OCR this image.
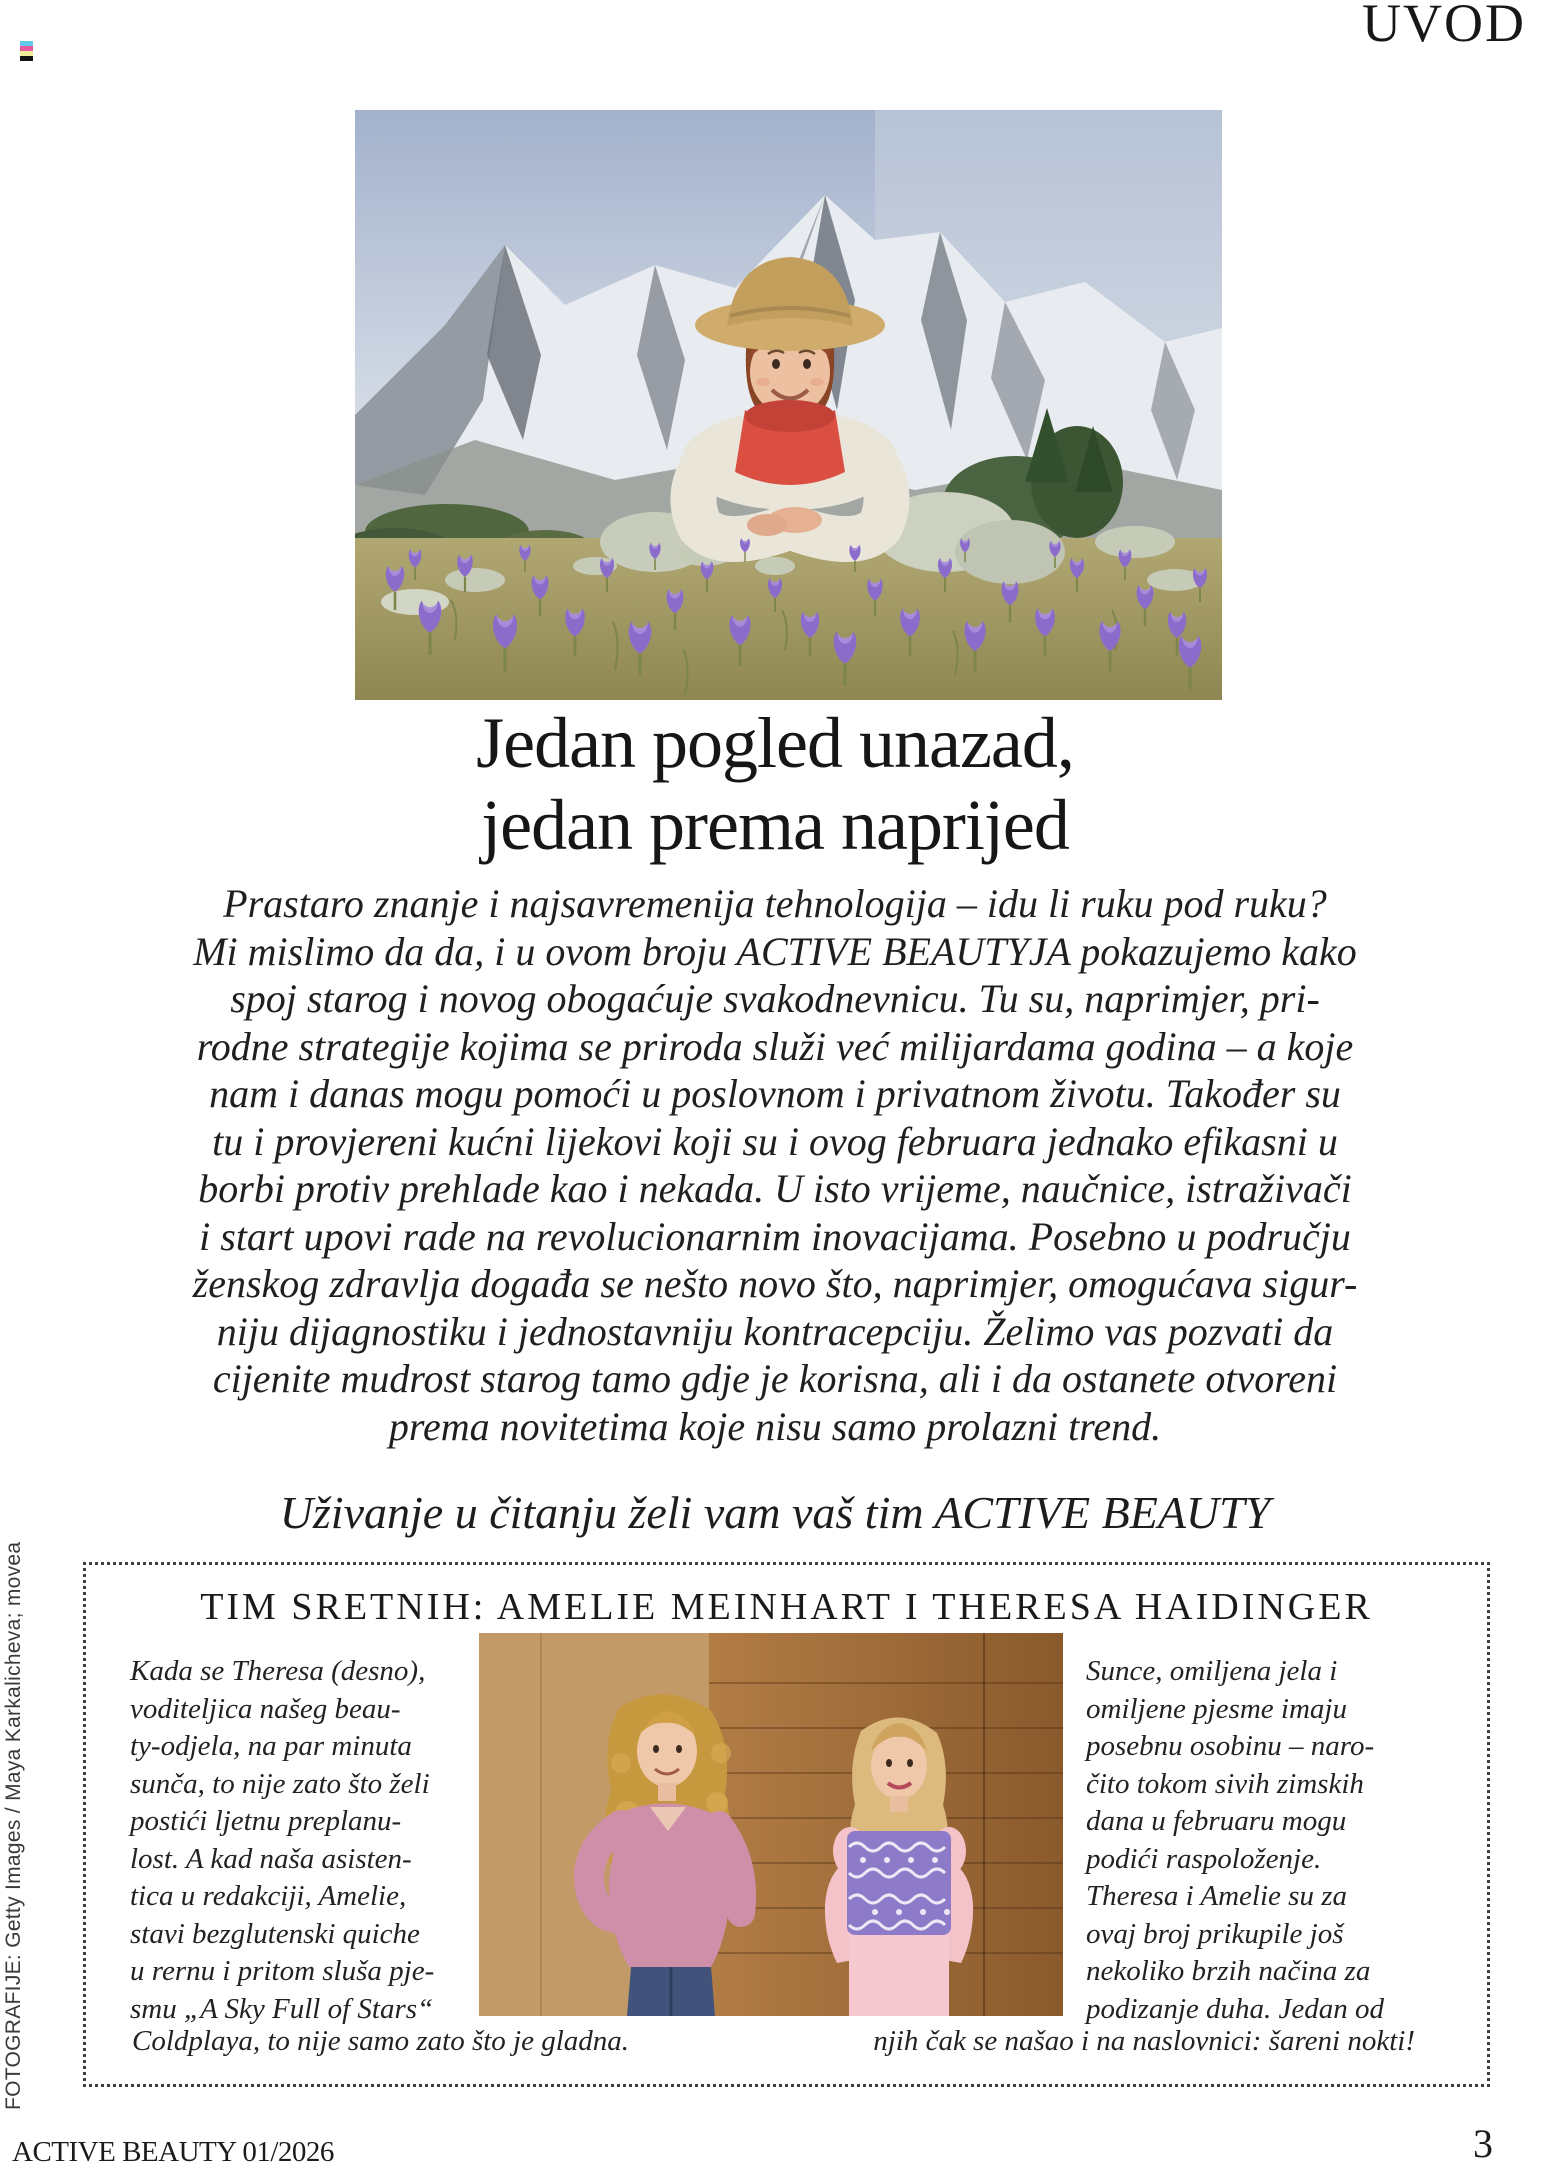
UVOD
Jedan pogled unazad,
jedan prema naprijed
Prastaro znanje i najsavremenija tehnologija – idu li ruku pod ruku?
Mi mislimo da da, i u ovom broju ACTIVE BEAUTYJA pokazujemo kako
spoj starog i novog obogaćuje svakodnevnicu. Tu su, naprimjer, pri-
rodne strategije kojima se priroda služi već milijardama godina – a koje
nam i danas mogu pomoći u poslovnom i privatnom životu. Također su
tu i provjereni kućni lijekovi koji su i ovog februara jednako efikasni u
borbi protiv prehlade kao i nekada. U isto vrijeme, naučnice, istraživači
i start upovi rade na revolucionarnim inovacijama. Posebno u području
ženskog zdravlja događa se nešto novo što, naprimjer, omogućava sigur-
niju dijagnostiku i jednostavniju kontracepciju. Želimo vas pozvati da
cijenite mudrost starog tamo gdje je korisna, ali i da ostanete otvoreni
prema novitetima koje nisu samo prolazni trend.
Uživanje u čitanju želi vam vaš tim ACTIVE BEAUTY
TIM SRETNIH: AMELIE MEINHART I THERESA HAIDINGER
Kada se Theresa (desno),
voditeljica našeg beau-
ty-odjela, na par minuta
sunča, to nije zato što želi
postići ljetnu preplanu-
lost. A kad naša asisten-
tica u redakciji, Amelie,
stavi bezglutenski quiche
u rernu i pritom sluša pje-
smu „A Sky Full of Stars“
Sunce, omiljena jela i
omiljene pjesme imaju
posebnu osobinu – naro-
čito tokom sivih zimskih
dana u februaru mogu
podići raspoloženje.
Theresa i Amelie su za
ovaj broj prikupile još
nekoliko brzih načina za
podizanje duha. Jedan od
Coldplaya, to nije samo zato što je gladna.	njih čak se našao i na naslovnici: šareni nokti!
FOTOGRAFIJE: Getty Images / Maya Karkalicheva; movea
ACTIVE BEAUTY 01/2026	3
